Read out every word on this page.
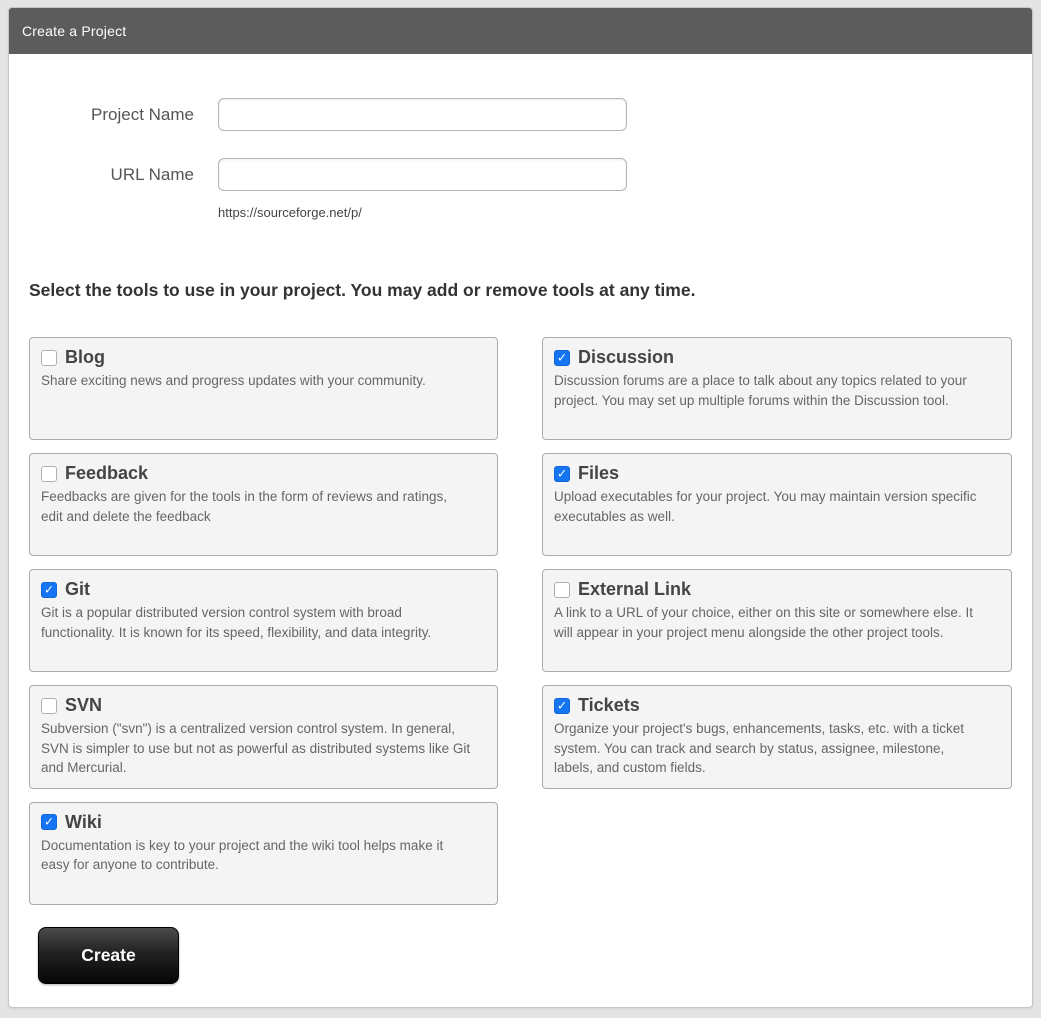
Create a Project
Project Name
URL Name
https://sourceforge.net/p/
Select the tools to use in your project. You may add or remove tools at any time.
Blog
Share exciting news and progress updates with your community.
✓ Discussion
Discussion forums are a place to talk about any topics related to your project. You may set up multiple forums within the Discussion tool.
Feedback
Feedbacks are given for the tools in the form of reviews and ratings, edit and delete the feedback
✓ Files
Upload executables for your project. You may maintain version specific executables as well.
✓ Git
Git is a popular distributed version control system with broad functionality. It is known for its speed, flexibility, and data integrity.
External Link
A link to a URL of your choice, either on this site or somewhere else. It will appear in your project menu alongside the other project tools.
SVN
Subversion ("svn") is a centralized version control system. In general, SVN is simpler to use but not as powerful as distributed systems like Git and Mercurial.
✓ Tickets
Organize your project's bugs, enhancements, tasks, etc. with a ticket system. You can track and search by status, assignee, milestone, labels, and custom fields.
✓ Wiki
Documentation is key to your project and the wiki tool helps make it easy for anyone to contribute.
Create
